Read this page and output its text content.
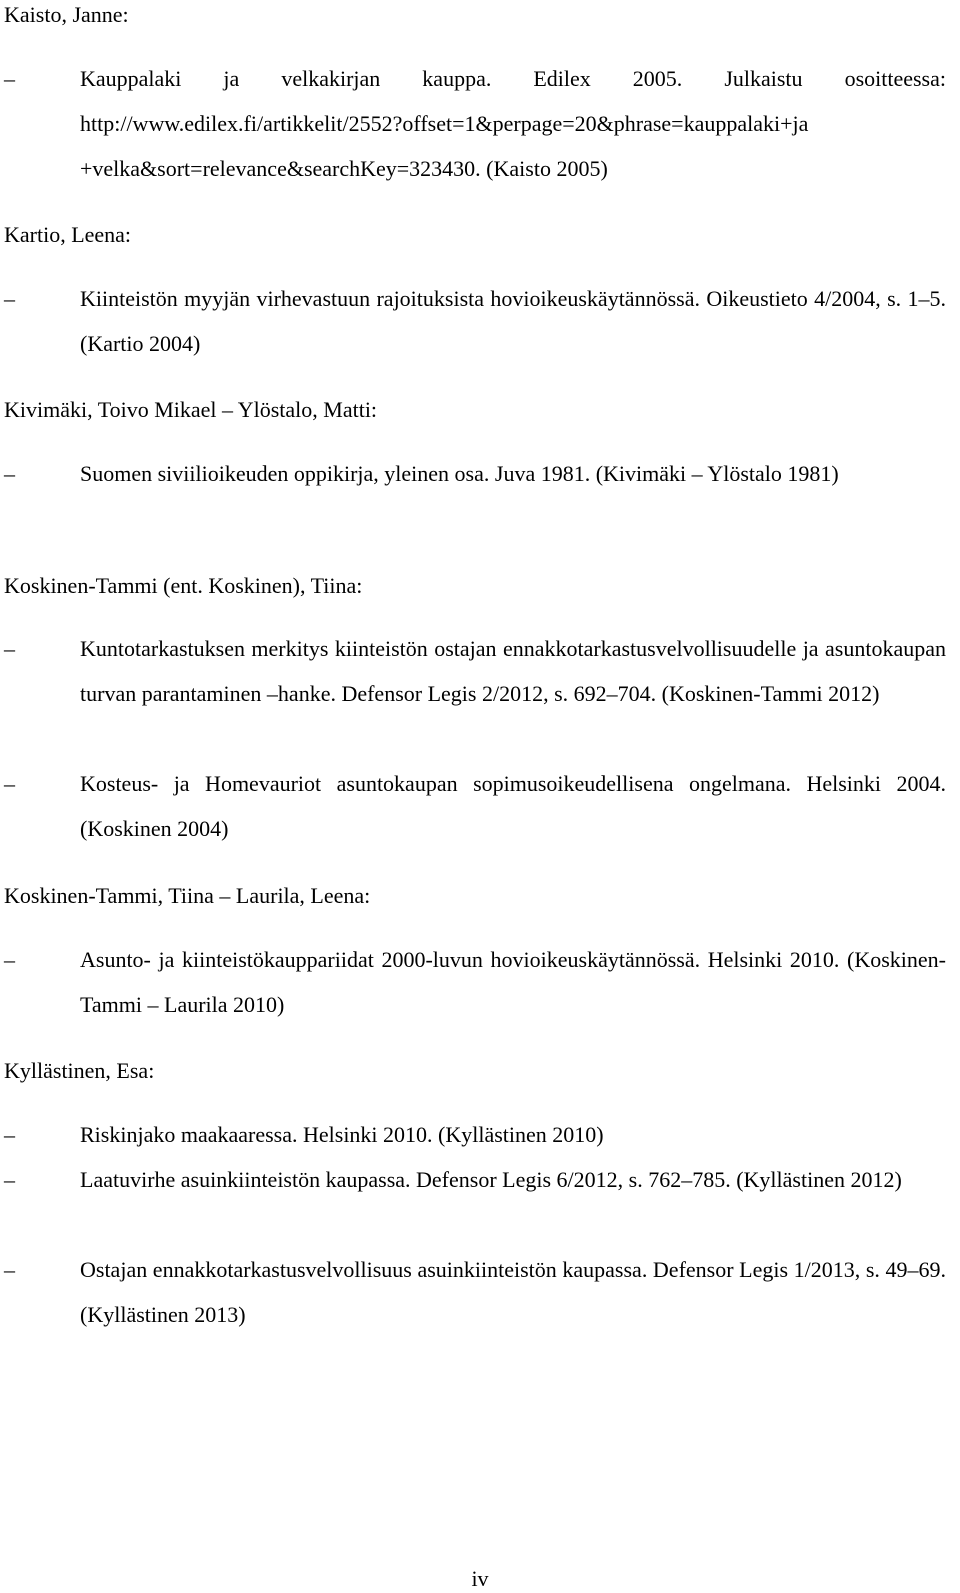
Kaisto, Janne:
–	Kauppalaki ja velkakirjan kauppa. Edilex 2005. Julkaistu osoitteessa: http://www.edilex.fi/artikkelit/2552?offset=1&perpage=20&phrase=kauppalaki+ja +velka&sort=relevance&searchKey=323430. (Kaisto 2005)
Kartio, Leena:
–	Kiinteistön myyjän virhevastuun rajoituksista hovioikeuskäytännössä. Oikeustieto 4/2004, s. 1–5. (Kartio 2004)
Kivimäki, Toivo Mikael – Ylöstalo, Matti:
–	Suomen siviilioikeuden oppikirja, yleinen osa. Juva 1981. (Kivimäki – Ylöstalo 1981)
Koskinen-Tammi (ent. Koskinen), Tiina:
–	Kuntotarkastuksen merkitys kiinteistön ostajan ennakkotarkastusvelvollisuudelle ja asuntokaupan turvan parantaminen –hanke. Defensor Legis 2/2012, s. 692–704. (Koskinen-Tammi 2012)
–	Kosteus- ja Homevauriot asuntokaupan sopimusoikeudellisena ongelmana. Helsinki 2004. (Koskinen 2004)
Koskinen-Tammi, Tiina – Laurila, Leena:
–	Asunto- ja kiinteistökauppariidat 2000-luvun hovioikeuskäytännössä. Helsinki 2010. (Koskinen-Tammi – Laurila 2010)
Kyllästinen, Esa:
–	Riskinjako maakaaressa. Helsinki 2010. (Kyllästinen 2010)
–	Laatuvirhe asuinkiinteistön kaupassa. Defensor Legis 6/2012, s. 762–785. (Kyllästinen 2012)
–	Ostajan ennakkotarkastusvelvollisuus asuinkiinteistön kaupassa. Defensor Legis 1/2013, s. 49–69. (Kyllästinen 2013)
iv
